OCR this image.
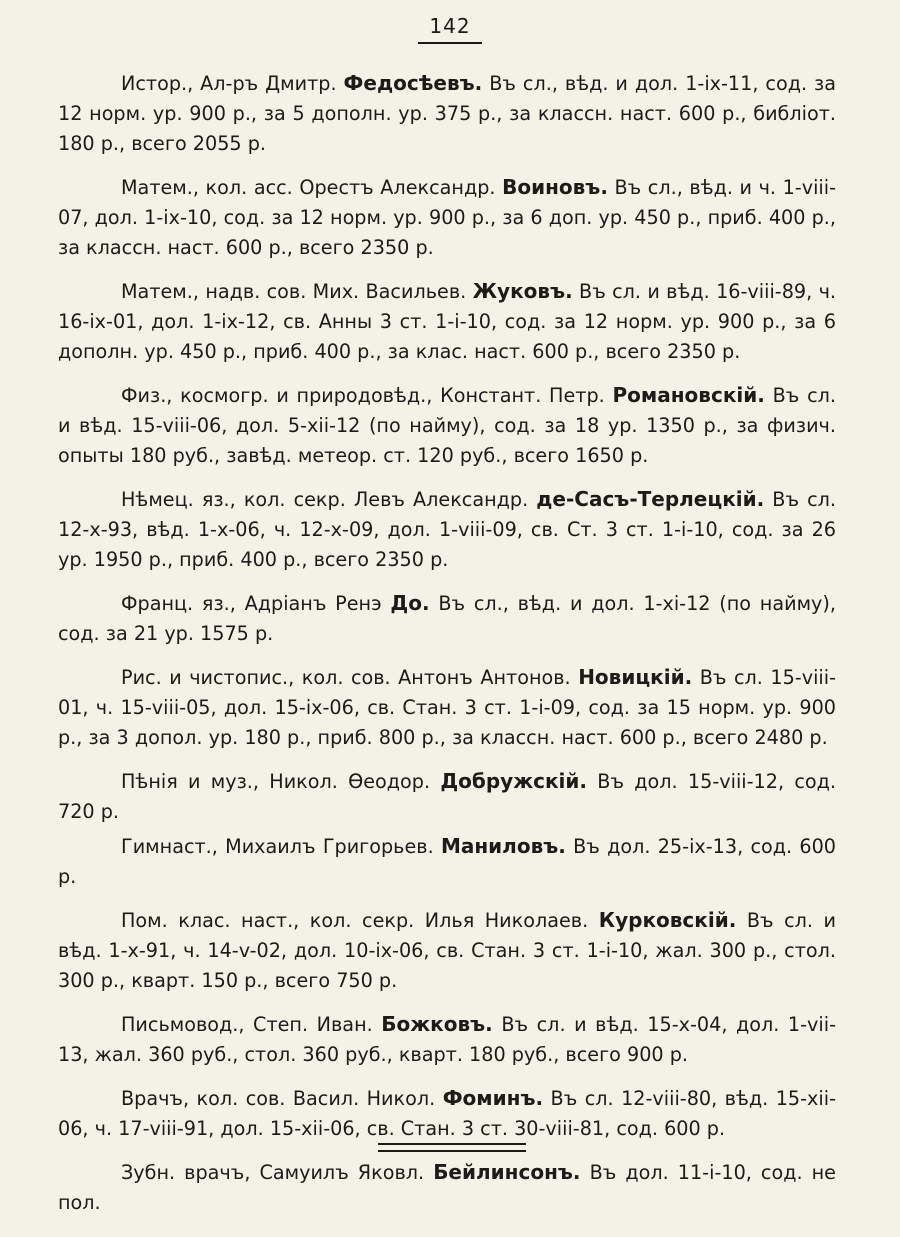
142

Истор., Ал-ръ Дмитр. Федосѣевъ. Въ сл., вѣд. и дол. 1-ix-11, сод. за 12 норм. ур. 900 р., за 5 дополн. ур. 375 р., за классн. наст. 600 р., библіот. 180 р., всего 2055 р.

Матем., кол. асс. Орестъ Александр. Воиновъ. Въ сл., вѣд. и ч. 1-viii-07, дол. 1-ix-10, сод. за 12 норм. ур. 900 р., за 6 доп. ур. 450 р., приб. 400 р., за классн. наст. 600 р., всего 2350 р.

Матем., надв. сов. Мих. Васильев. Жуковъ. Въ сл. и вѣд. 16-viii-89, ч. 16-ix-01, дол. 1-ix-12, св. Анны 3 ст. 1-i-10, сод. за 12 норм. ур. 900 р., за 6 дополн. ур. 450 р., приб. 400 р., за клас. наст. 600 р., всего 2350 р.

Физ., космогр. и природовѣд., Констант. Петр. Романовскій. Въ сл. и вѣд. 15-viii-06, дол. 5-xii-12 (по найму), сод. за 18 ур. 1350 р., за физич. опыты 180 руб., завѣд. метеор. ст. 120 руб., всего 1650 р.

Нѣмец. яз., кол. секр. Левъ Александр. де-Сасъ-Терлецкій. Въ сл. 12-x-93, вѣд. 1-x-06, ч. 12-x-09, дол. 1-viii-09, св. Ст. 3 ст. 1-i-10, сод. за 26 ур. 1950 р., приб. 400 р., всего 2350 р.

Франц. яз., Адріанъ Ренэ До. Въ сл., вѣд. и дол. 1-xi-12 (по найму), сод. за 21 ур. 1575 р.

Рис. и чистопис., кол. сов. Антонъ Антонов. Новицкій. Въ сл. 15-viii-01, ч. 15-viii-05, дол. 15-ix-06, св. Стан. 3 ст. 1-i-09, сод. за 15 норм. ур. 900 р., за 3 допол. ур. 180 р., приб. 800 р., за классн. наст. 600 р., всего 2480 р.

Пѣнія и муз., Никол. Ѳеодор. Добружскій. Въ дол. 15-viii-12, сод. 720 р.

Гимнаст., Михаилъ Григорьев. Маниловъ. Въ дол. 25-ix-13, сод. 600 р.

Пом. клас. наст., кол. секр. Илья Николаев. Курковскій. Въ сл. и вѣд. 1-x-91, ч. 14-v-02, дол. 10-ix-06, св. Стан. 3 ст. 1-i-10, жал. 300 р., стол. 300 р., кварт. 150 р., всего 750 р.

Письмовод., Степ. Иван. Божковъ. Въ сл. и вѣд. 15-x-04, дол. 1-vii-13, жал. 360 руб., стол. 360 руб., кварт. 180 руб., всего 900 р.

Врачъ, кол. сов. Васил. Никол. Фоминъ. Въ сл. 12-viii-80, вѣд. 15-xii-06, ч. 17-viii-91, дол. 15-xii-06, св. Стан. 3 ст. 30-viii-81, сод. 600 р.

Зубн. врачъ, Самуилъ Яковл. Бейлинсонъ. Въ дол. 11-i-10, сод. не пол.
